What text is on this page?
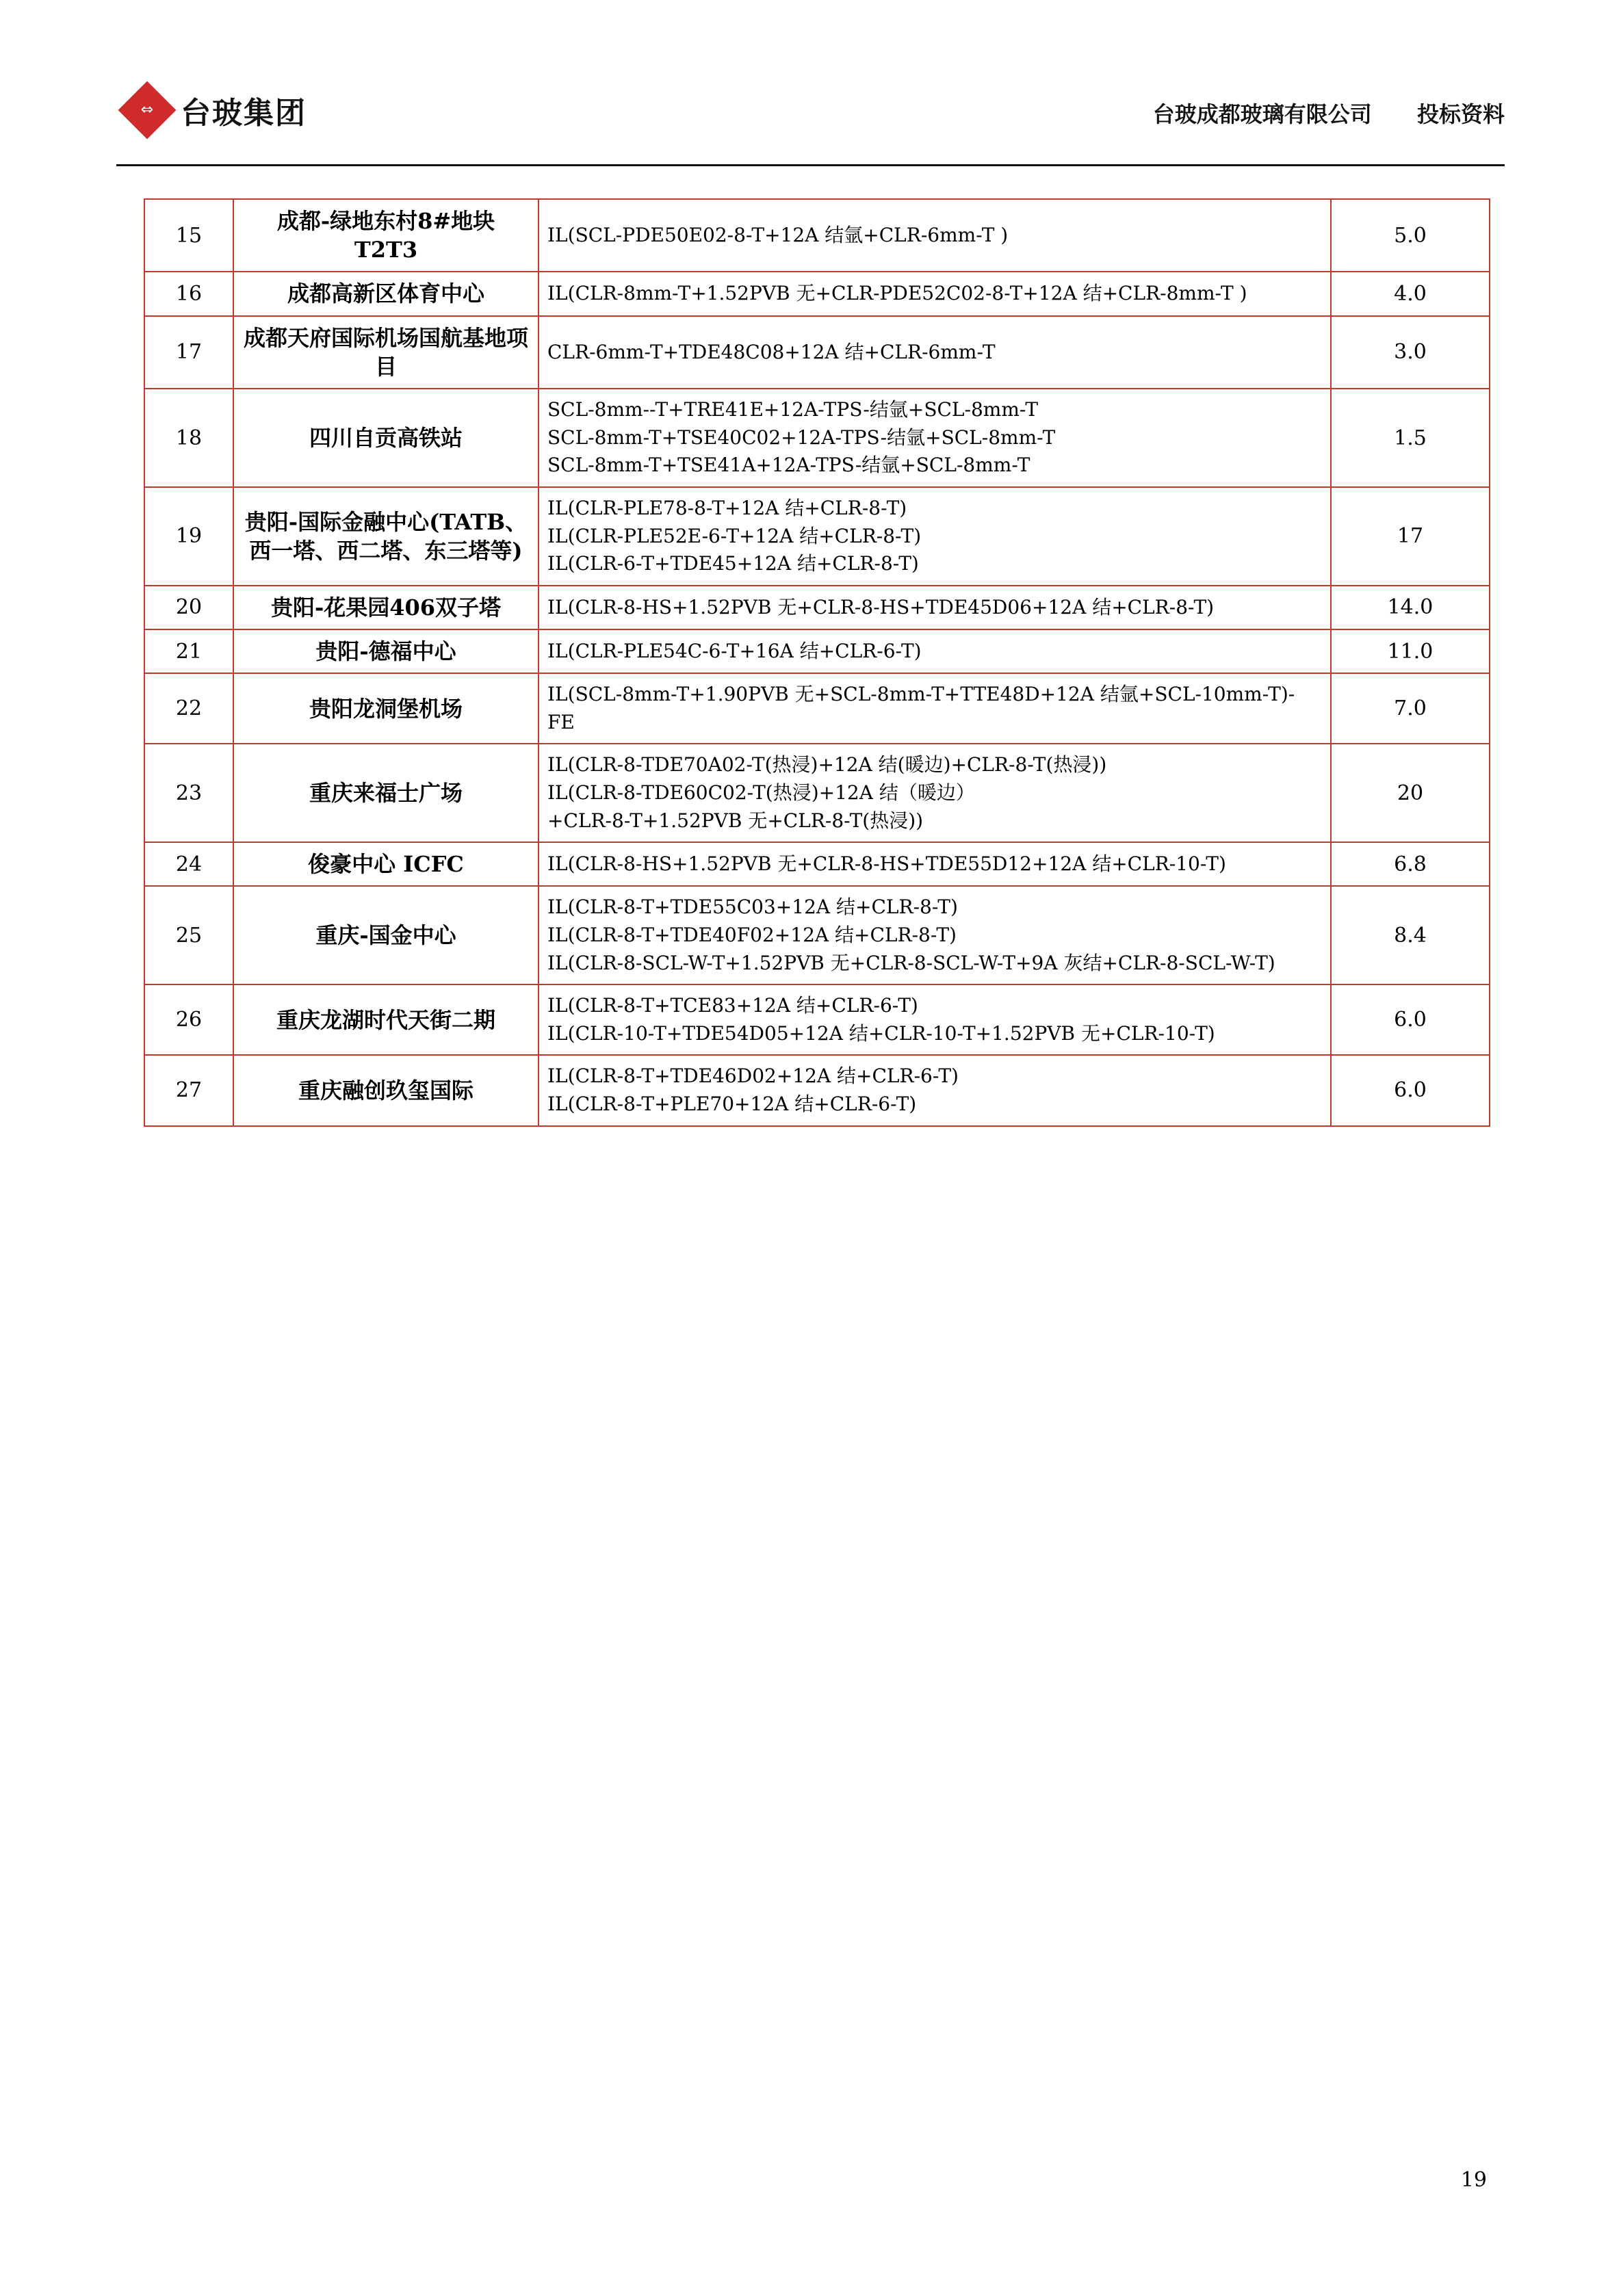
⇔ 台玻集团	台玻成都玻璃有限公司 投标资料
15	成都-绿地东村8#地块 T2T3	IL(SCL-PDE50E02-8-T+12A 结氩+CLR-6mm-T )	5.0
16	成都高新区体育中心	IL(CLR-8mm-T+1.52PVB 无+CLR-PDE52C02-8-T+12A 结+CLR-8mm-T )	4.0
17	成都天府国际机场国航基地项目	CLR-6mm-T+TDE48C08+12A 结+CLR-6mm-T	3.0
18	四川自贡高铁站	SCL-8mm--T+TRE41E+12A-TPS-结氩+SCL-8mm-T
SCL-8mm-T+TSE40C02+12A-TPS-结氩+SCL-8mm-T
SCL-8mm-T+TSE41A+12A-TPS-结氩+SCL-8mm-T	1.5
19	贵阳-国际金融中心(TATB、西一塔、西二塔、东三塔等)	IL(CLR-PLE78-8-T+12A 结+CLR-8-T)
IL(CLR-PLE52E-6-T+12A 结+CLR-8-T)
IL(CLR-6-T+TDE45+12A 结+CLR-8-T)	17
20	贵阳-花果园406双子塔	IL(CLR-8-HS+1.52PVB 无+CLR-8-HS+TDE45D06+12A 结+CLR-8-T)	14.0
21	贵阳-德福中心	IL(CLR-PLE54C-6-T+16A 结+CLR-6-T)	11.0
22	贵阳龙洞堡机场	IL(SCL-8mm-T+1.90PVB 无+SCL-8mm-T+TTE48D+12A 结氩+SCL-10mm-T)-FE	7.0
23	重庆来福士广场	IL(CLR-8-TDE70A02-T(热浸)+12A 结(暖边)+CLR-8-T(热浸))
IL(CLR-8-TDE60C02-T(热浸)+12A 结（暖边）
+CLR-8-T+1.52PVB 无+CLR-8-T(热浸))	20
24	俊豪中心 ICFC	IL(CLR-8-HS+1.52PVB 无+CLR-8-HS+TDE55D12+12A 结+CLR-10-T)	6.8
25	重庆-国金中心	IL(CLR-8-T+TDE55C03+12A 结+CLR-8-T)
IL(CLR-8-T+TDE40F02+12A 结+CLR-8-T)
IL(CLR-8-SCL-W-T+1.52PVB 无+CLR-8-SCL-W-T+9A 灰结+CLR-8-SCL-W-T)	8.4
26	重庆龙湖时代天街二期	IL(CLR-8-T+TCE83+12A 结+CLR-6-T)
IL(CLR-10-T+TDE54D05+12A 结+CLR-10-T+1.52PVB 无+CLR-10-T)	6.0
27	重庆融创玖玺国际	IL(CLR-8-T+TDE46D02+12A 结+CLR-6-T)
IL(CLR-8-T+PLE70+12A 结+CLR-6-T)	6.0
19
